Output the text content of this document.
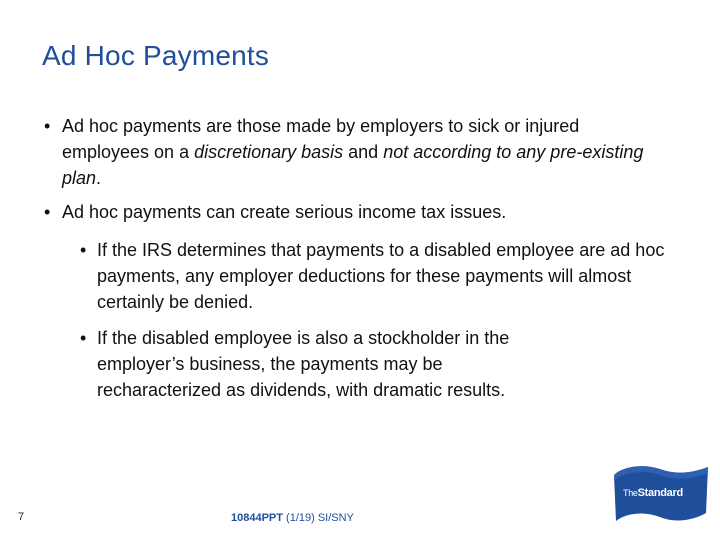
Ad Hoc Payments
• Ad hoc payments are those made by employers to sick or injured employees on a discretionary basis and not according to any pre-existing plan.
• Ad hoc payments can create serious income tax issues.
• If the IRS determines that payments to a disabled employee are ad hoc payments, any employer deductions for these payments will almost certainly be denied.
• If the disabled employee is also a stockholder in the employer’s business, the payments may be recharacterized as dividends, with dramatic results.
7	10844PPT (1/19) SI/SNY
TheStandard
